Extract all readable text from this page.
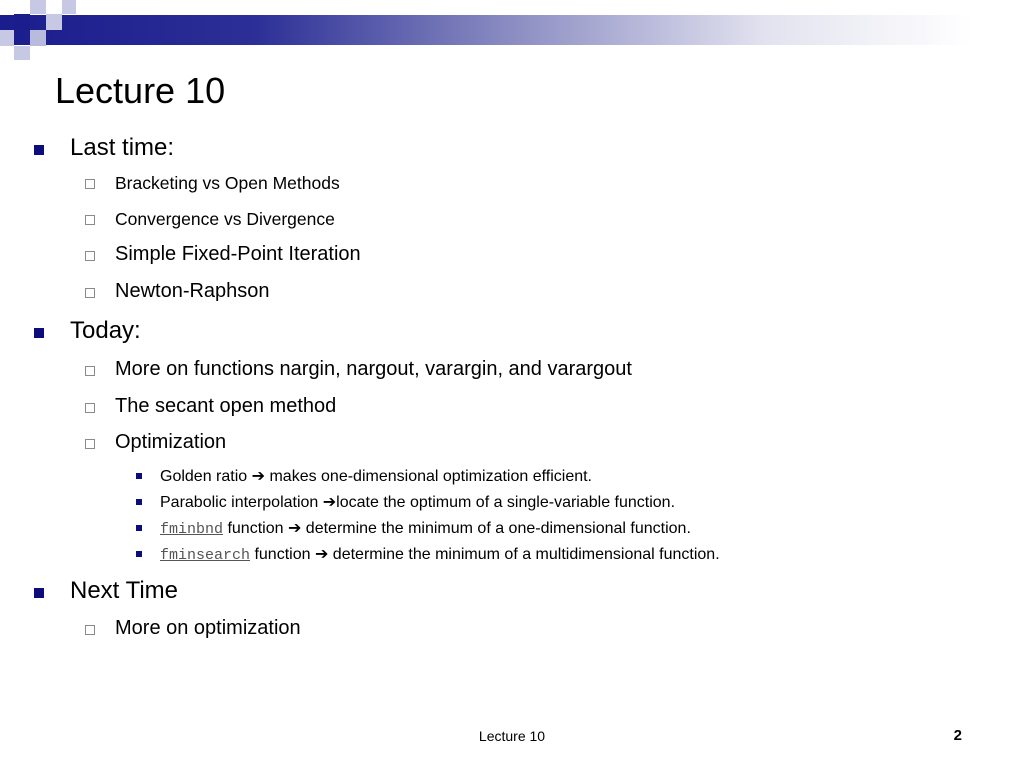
Lecture 10
Last time:
Bracketing vs Open Methods
Convergence vs Divergence
Simple Fixed-Point Iteration
Newton-Raphson
Today:
More on functions nargin, nargout, varargin, and varargout
The secant open method
Optimization
Golden ratio ➔ makes one-dimensional optimization efficient.
Parabolic interpolation ➔locate the optimum of a single-variable function.
fminbnd function ➔ determine the minimum of a one-dimensional function.
fminsearch function ➔ determine the minimum of a multidimensional function.
Next Time
More on optimization
Lecture 10	2
